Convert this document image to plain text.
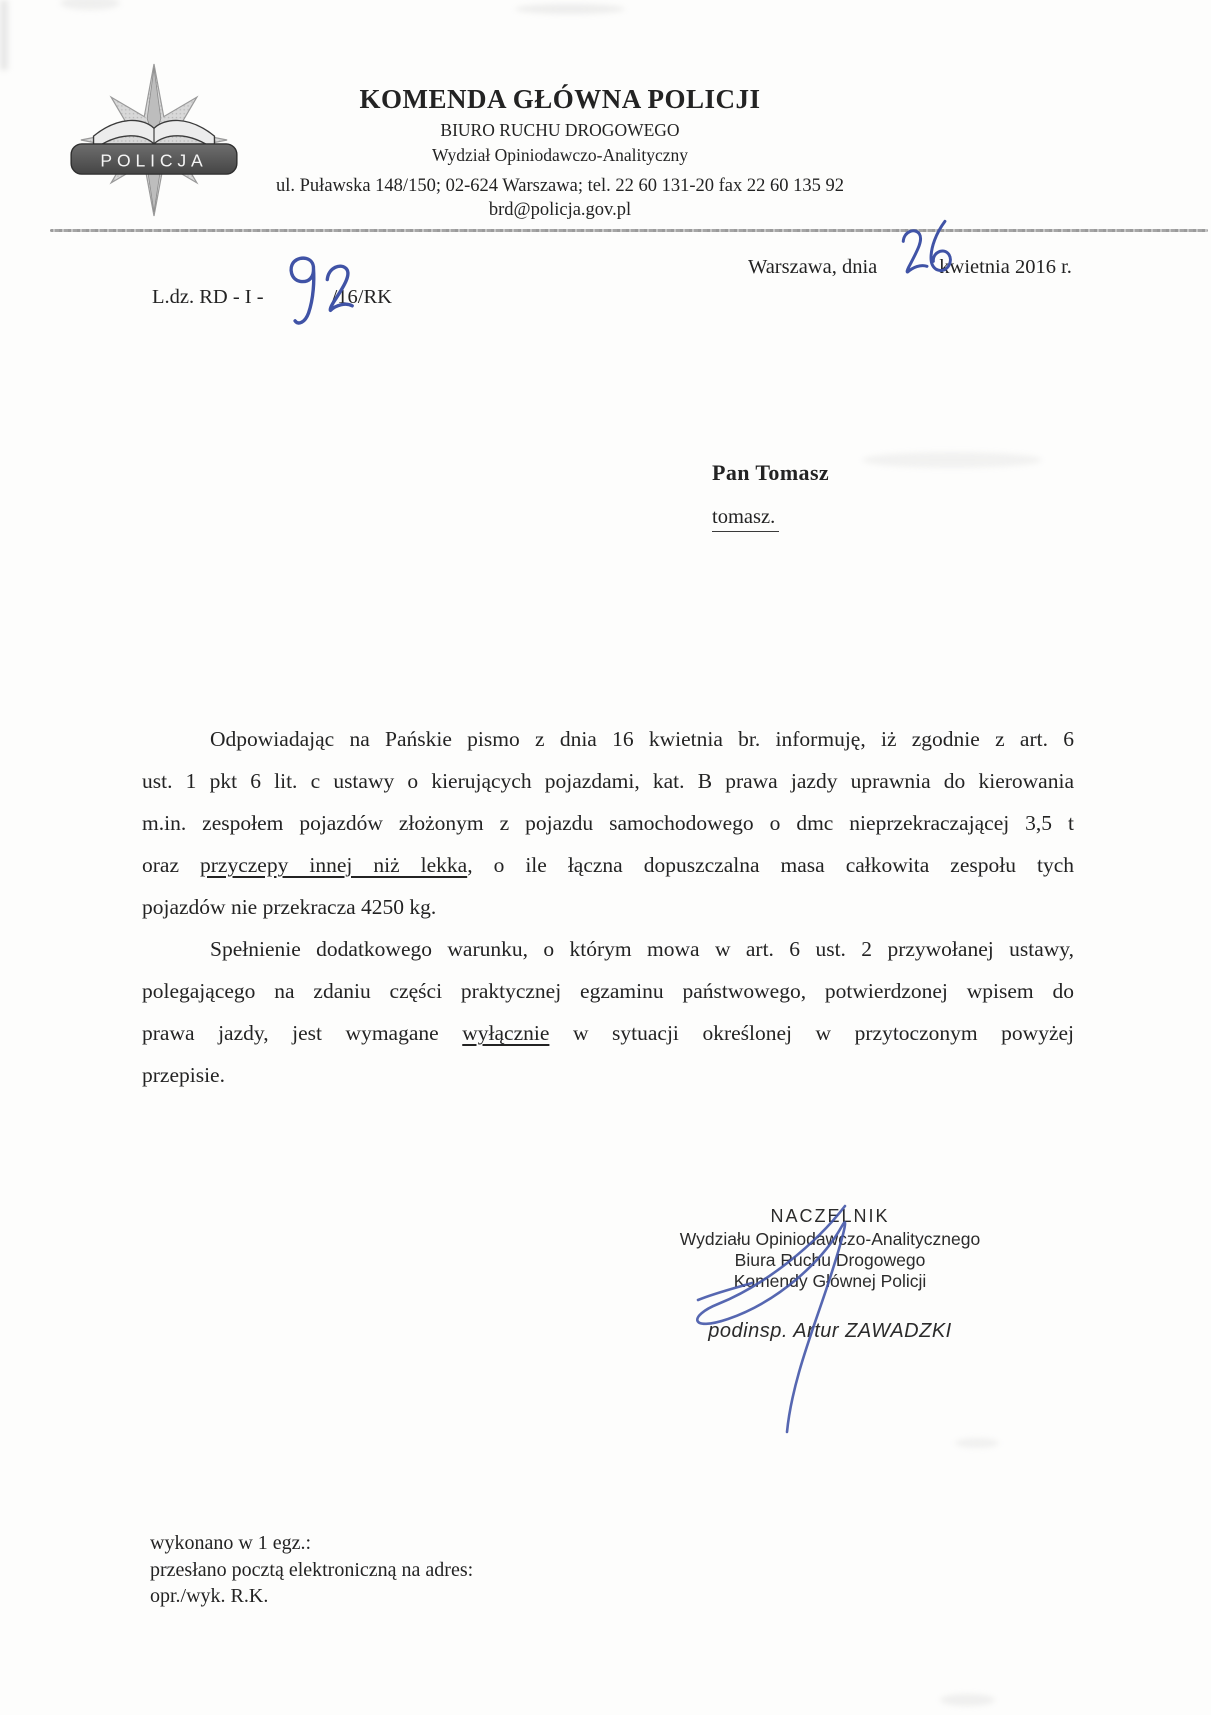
POLICJA
KOMENDA GŁÓWNA POLICJI
BIURO RUCHU DROGOWEGO
Wydział Opiniodawczo-Analityczny
ul. Puławska 148/150; 02-624 Warszawa; tel. 22 60 131-20 fax 22 60 135 92
brd@policja.gov.pl
Warszawa, dnia	kwietnia 2016 r.
L.dz. RD - I -	/16/RK
Pan Tomasz
tomasz.
Odpowiadając na Pańskie pismo z dnia 16 kwietnia br. informuję, iż zgodnie z art. 6
ust. 1 pkt 6 lit. c ustawy o kierujących pojazdami, kat. B prawa jazdy uprawnia do kierowania
m.in. zespołem pojazdów złożonym z pojazdu samochodowego o dmc nieprzekraczającej 3,5 t
oraz przyczepy innej niż lekka, o ile łączna dopuszczalna masa całkowita zespołu tych
pojazdów nie przekracza 4250 kg.
Spełnienie dodatkowego warunku, o którym mowa w art. 6 ust. 2 przywołanej ustawy,
polegającego na zdaniu części praktycznej egzaminu państwowego, potwierdzonej wpisem do
prawa jazdy, jest wymagane wyłącznie w sytuacji określonej w przytoczonym powyżej
przepisie.
NACZELNIK
Wydziału Opiniodawczo-Analitycznego
Biura Ruchu Drogowego
Komendy Głównej Policji
podinsp. Artur ZAWADZKI
wykonano w 1 egz.:
przesłano pocztą elektroniczną na adres:
opr./wyk. R.K.
